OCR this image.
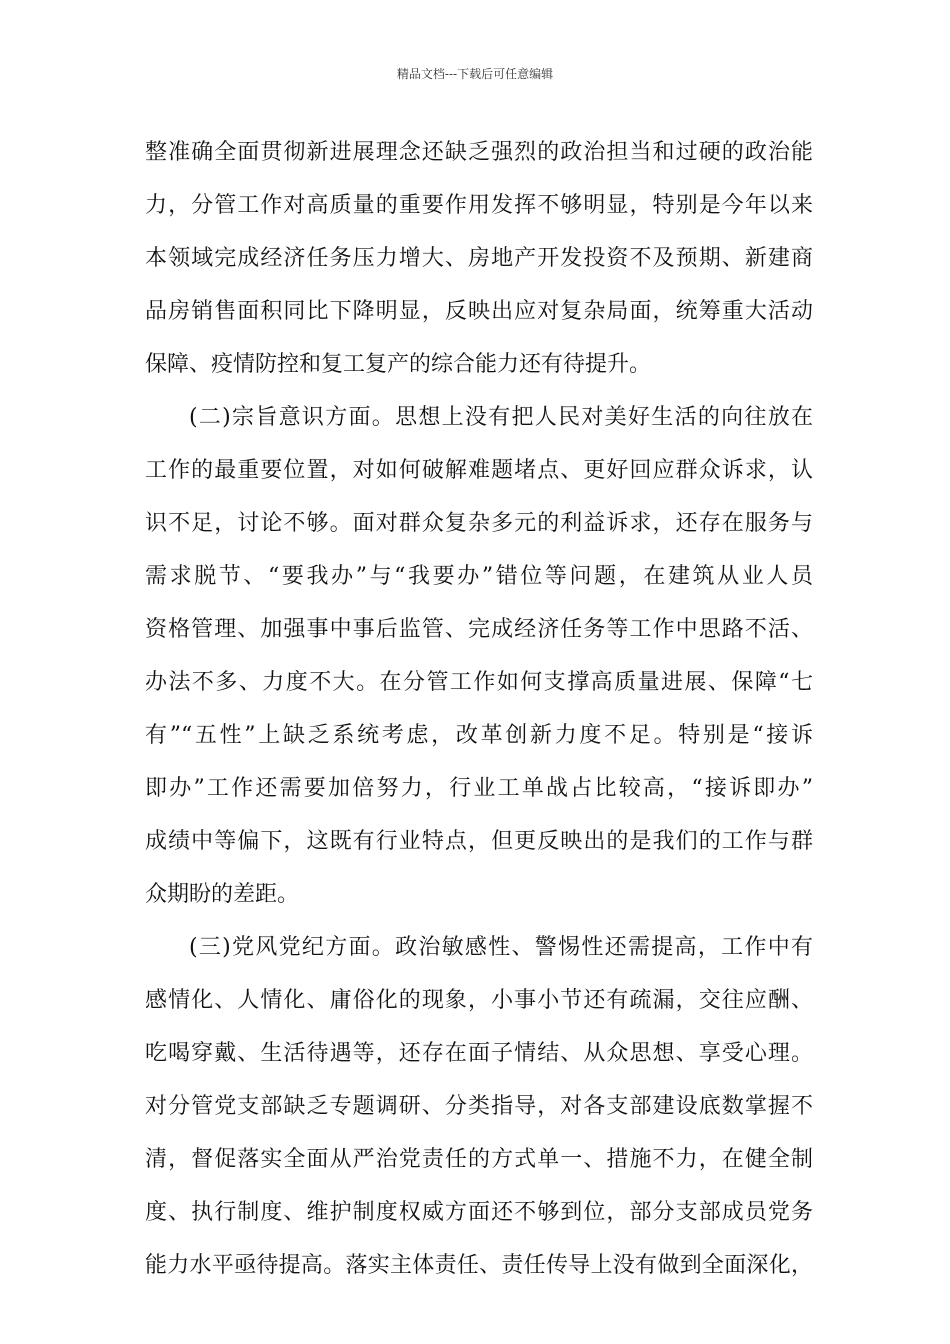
精品文档---下载后可任意编辑
整准确全面贯彻新进展理念还缺乏强烈的政治担当和过硬的政治能
力，分管工作对高质量的重要作用发挥不够明显，特别是今年以来
本领域完成经济任务压力增大、房地产开发投资不及预期、新建商
品房销售面积同比下降明显，反映出应对复杂局面，统筹重大活动
保障、疫情防控和复工复产的综合能力还有待提升。
(二)宗旨意识方面。思想上没有把人民对美好生活的向往放在
工作的最重要位置，对如何破解难题堵点、更好回应群众诉求，认
识不足，讨论不够。面对群众复杂多元的利益诉求，还存在服务与
需求脱节、“要我办”与“我要办”错位等问题，在建筑从业人员
资格管理、加强事中事后监管、完成经济任务等工作中思路不活、
办法不多、力度不大。在分管工作如何支撑高质量进展、保障“七
有”“五性”上缺乏系统考虑，改革创新力度不足。特别是“接诉
即办”工作还需要加倍努力，行业工单战占比较高，“接诉即办”
成绩中等偏下，这既有行业特点，但更反映出的是我们的工作与群
众期盼的差距。
(三)党风党纪方面。政治敏感性、警惕性还需提高，工作中有
感情化、人情化、庸俗化的现象，小事小节还有疏漏，交往应酬、
吃喝穿戴、生活待遇等，还存在面子情结、从众思想、享受心理。
对分管党支部缺乏专题调研、分类指导，对各支部建设底数掌握不
清，督促落实全面从严治党责任的方式单一、措施不力，在健全制
度、执行制度、维护制度权威方面还不够到位，部分支部成员党务
能力水平亟待提高。落实主体责任、责任传导上没有做到全面深化，
